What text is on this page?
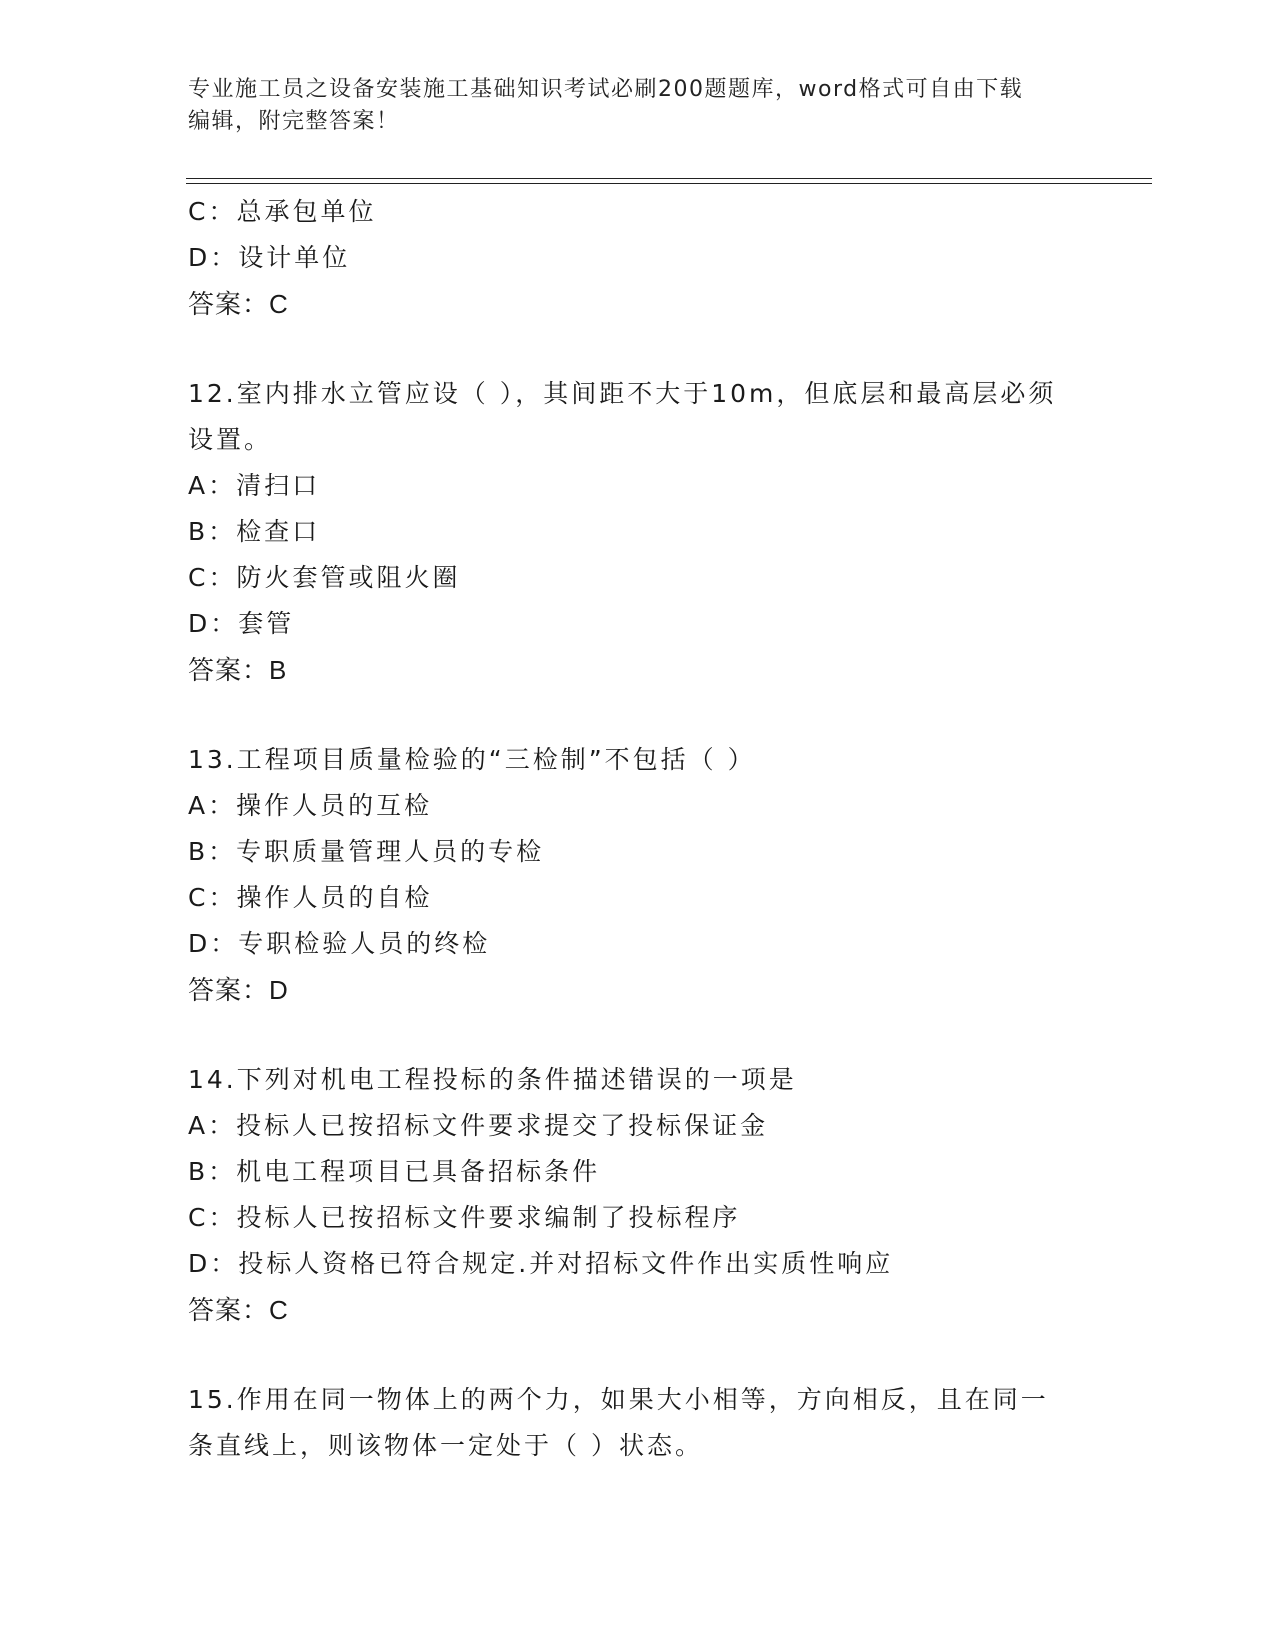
专业施工员之设备安装施工基础知识考试必刷200题题库，word格式可自由下载
编辑，附完整答案！
C：总承包单位
D：设计单位
答案：C
12.室内排水立管应设（ ），其间距不大于10m，但底层和最高层必须
设置。
A：清扫口
B：检查口
C：防火套管或阻火圈
D：套管
答案：B
13.工程项目质量检验的“三检制”不包括（ ）
A：操作人员的互检
B：专职质量管理人员的专检
C：操作人员的自检
D：专职检验人员的终检
答案：D
14.下列对机电工程投标的条件描述错误的一项是
A：投标人已按招标文件要求提交了投标保证金
B：机电工程项目已具备招标条件
C：投标人已按招标文件要求编制了投标程序
D：投标人资格已符合规定.并对招标文件作出实质性响应
答案：C
15.作用在同一物体上的两个力，如果大小相等，方向相反，且在同一
条直线上，则该物体一定处于（ ）状态。
